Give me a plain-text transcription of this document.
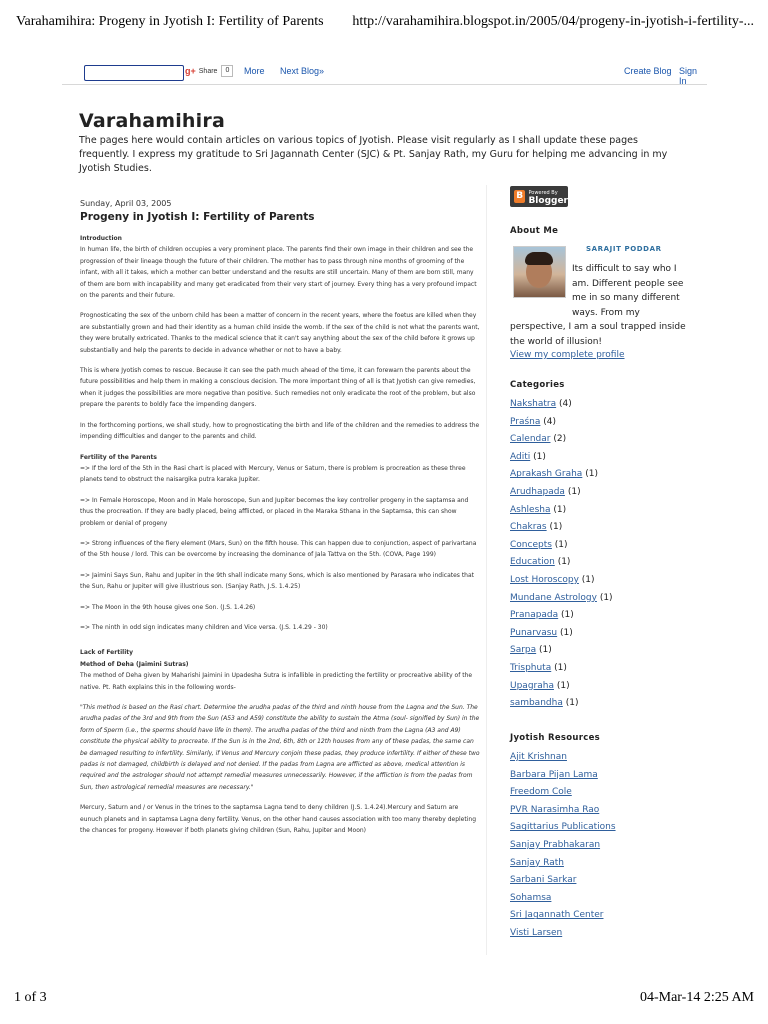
Varahamihira: Progeny in Jyotish I: Fertility of Parents http://varahamihira.blogspot.in/2005/04/progeny-in-jyotish-i-fertility-...
g+ Share	0	More Next Blog»	Create Blog Sign In
Varahamihira
The pages here would contain articles on various topics of Jyotish. Please visit regularly as I shall update these pages frequently. I express my gratitude to Sri Jagannath Center (SJC) & Pt. Sanjay Rath, my Guru for helping me advancing in my Jyotish Studies.
Sunday, April 03, 2005
Progeny in Jyotish I: Fertility of Parents

Introduction

In human life, the birth of children occupies a very prominent place. The parents find their own image in their children and see the progression of their lineage though the future of their children. The mother has to pass through nine months of grooming of the infant, with all it takes, which a mother can better understand and the results are still uncertain. Many of them are born still, many of them are born with incapability and many get eradicated from their very start of journey. Every thing has a very profound impact on the parents and their future.

Prognosticating the sex of the unborn child has been a matter of concern in the recent years, where the foetus are killed when they are substantially grown and had their identity as a human child inside the womb. If the sex of the child is not what the parents want, they were brutally extricated. Thanks to the medical science that it can't say anything about the sex of the child before it grows up substantially and help the parents to decide in advance whether or not to have a baby.

This is where Jyotish comes to rescue. Because it can see the path much ahead of the time, it can forewarn the parents about the future possibilities and help them in making a conscious decision. The more important thing of all is that Jyotish can give remedies, when it judges the possibilities are more negative than positive. Such remedies not only eradicate the root of the problem, but also prepare the parents to boldly face the impending dangers.

In the forthcoming portions, we shall study, how to prognosticating the birth and life of the children and the remedies to address the impending difficulties and danger to the parents and child.

Fertility of the Parents

=> If the lord of the 5th in the Rasi chart is placed with Mercury, Venus or Saturn, there is problem is procreation as these three planets tend to obstruct the naisargika putra karaka Jupiter.

=> In Female Horoscope, Moon and in Male horoscope, Sun and Jupiter becomes the key controller progeny in the saptamsa and thus the procreation. If they are badly placed, being afflicted, or placed in the Maraka Sthana in the Saptamsa, this can show problem or denial of progeny

=> Strong influences of the fiery element (Mars, Sun) on the fifth house. This can happen due to conjunction, aspect of parivartana of the 5th house / lord. This can be overcome by increasing the dominance of Jala Tattva on the 5th. (COVA, Page 199)

=> Jaimini Says Sun, Rahu and Jupiter in the 9th shall indicate many Sons, which is also mentioned by Parasara who indicates that the Sun, Rahu or Jupiter will give illustrious son. (Sanjay Rath, J.S. 1.4.25)

=> The Moon in the 9th house gives one Son. (J.S. 1.4.26)

=> The ninth in odd sign indicates many children and Vice versa. (J.S. 1.4.29 - 30)

Lack of Fertility

Method of Deha (Jaimini Sutras)

The method of Deha given by Maharishi Jaimini in Upadesha Sutra is infallible in predicting the fertility or procreative ability of the native. Pt. Rath explains this in the following words-

"This method is based on the Rasi chart. Determine the arudha padas of the third and ninth house from the Lagna and the Sun. The arudha padas of the 3rd and 9th from the Sun (A53 and A59) constitute the ability to sustain the Atma (soul- signified by Sun) in the form of Sperm (i.e., the sperms should have life in them). The arudha padas of the third and ninth from the Lagna (A3 and A9) constitute the physical ability to procreate. If the Sun is in the 2nd, 6th, 8th or 12th houses from any of these padas, the same can be damaged resulting to infertility. Similarly, if Venus and Mercury conjoin these padas, they produce infertility. If either of these two padas is not damaged, childbirth is delayed and not denied. If the padas from Lagna are afflicted as above, medical attention is required and the astrologer should not attempt remedial measures unnecessarily. However, if the affliction is from the padas from Sun, then astrological remedial measures are necessary."

Mercury, Saturn and / or Venus in the trines to the saptamsa Lagna tend to deny children (J.S. 1.4.24).Mercury and Saturn are eunuch planets and in saptamsa Lagna deny fertility. Venus, on the other hand causes association with too many thereby depleting the chances for progeny. However if both planets giving children (Sun, Rahu, Jupiter and Moon)

B	Powered By
Blogger
About Me
SARAJIT PODDAR
Its difficult to say who I am. Different people see me in so many different ways. From my perspective, I am a soul trapped inside the world of illusion!
View my complete profile
Categories
Nakshatra (4)
Praśna (4)
Calendar (2)
Aditi (1)
Aprakash Graha (1)
Arudhapada (1)
Ashlesha (1)
Chakras (1)
Concepts (1)
Education (1)
Lost Horoscopy (1)
Mundane Astrology (1)
Pranapada (1)
Punarvasu (1)
Sarpa (1)
Trisphuta (1)
Upagraha (1)
sambandha (1)
Jyotish Resources
Ajit Krishnan
Barbara Pijan Lama
Freedom Cole
PVR Narasimha Rao
Sagittarius Publications
Sanjay Prabhakaran
Sanjay Rath
Sarbani Sarkar
Sohamsa
Sri Jagannath Center
Visti Larsen
1 of 3	04-Mar-14 2:25 AM
